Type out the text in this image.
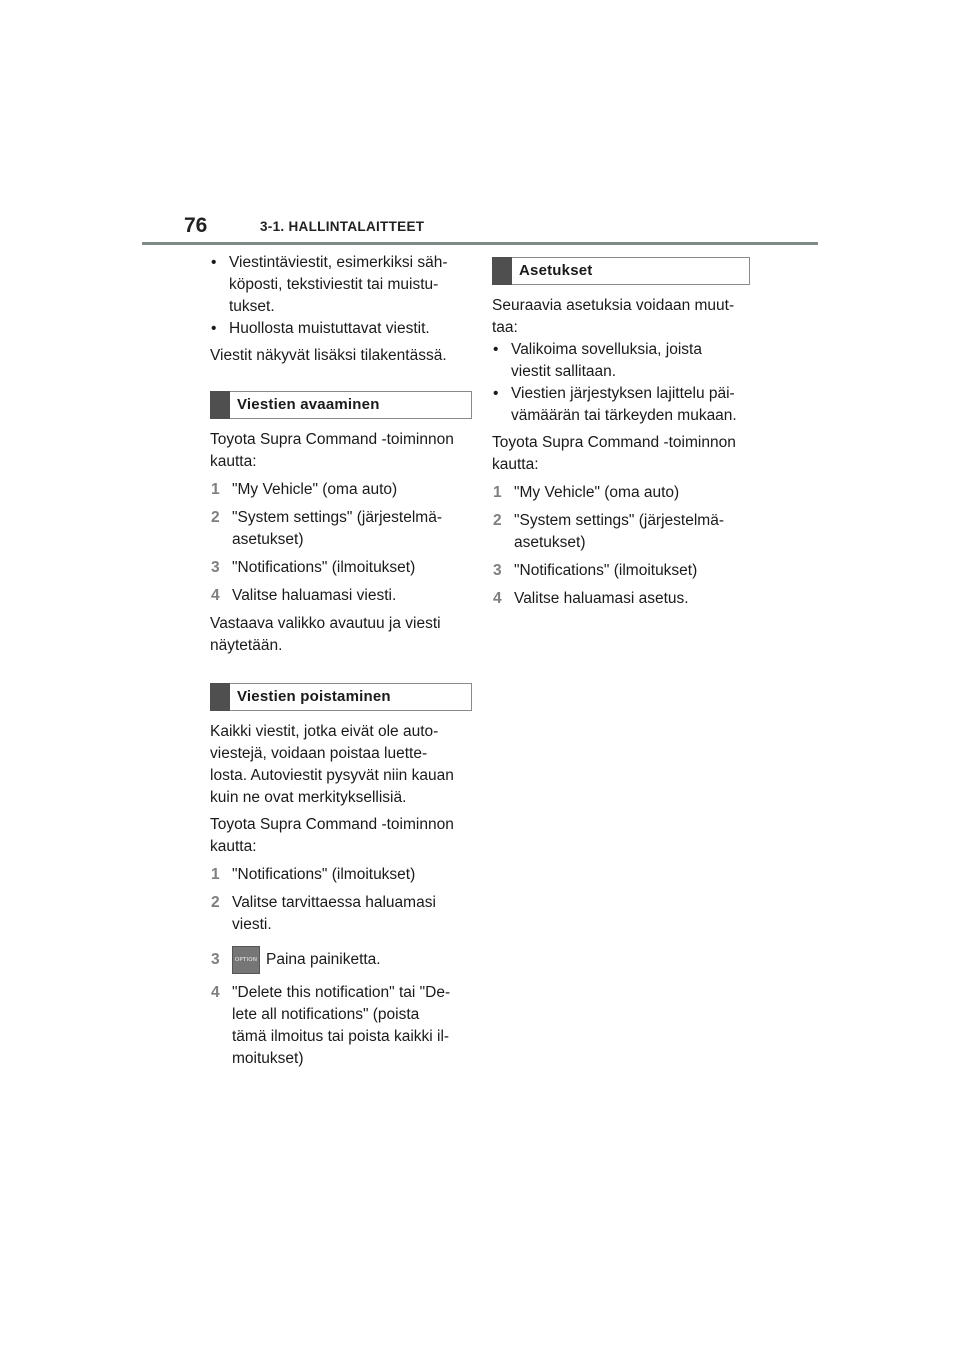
76	3-1. HALLINTALAITTEET
• Viestintäviestit, esimerkiksi säh-
köposti, tekstiviestit tai muistu-
tukset.
• Huollosta muistuttavat viestit.

Viestit näkyvät lisäksi tilakentässä.

Viestien avaaminen
Toyota Supra Command -toiminnon
kautta:
1 "My Vehicle" (oma auto)
2 "System settings" (järjestelmä-
asetukset)
3 "Notifications" (ilmoitukset)
4 Valitse haluamasi viesti.
Vastaava valikko avautuu ja viesti
näytetään.
Viestien poistaminen
Kaikki viestit, jotka eivät ole auto-
viestejä, voidaan poistaa luette-
losta. Autoviestit pysyvät niin kauan
kuin ne ovat merkityksellisiä.
Toyota Supra Command -toiminnon
kautta:
1 "Notifications" (ilmoitukset)
2 Valitse tarvittaessa haluamasi
viesti.
3	OPTION Paina painiketta.
4 "Delete this notification" tai "De-
lete all notifications" (poista
tämä ilmoitus tai poista kaikki il-
moitukset)
Asetukset
Seuraavia asetuksia voidaan muut-
taa:
• Valikoima sovelluksia, joista
viestit sallitaan.
• Viestien järjestyksen lajittelu päi-
vämäärän tai tärkeyden mukaan.
Toyota Supra Command -toiminnon
kautta:
1 "My Vehicle" (oma auto)
2 "System settings" (järjestelmä-
asetukset)
3 "Notifications" (ilmoitukset)
4 Valitse haluamasi asetus.
